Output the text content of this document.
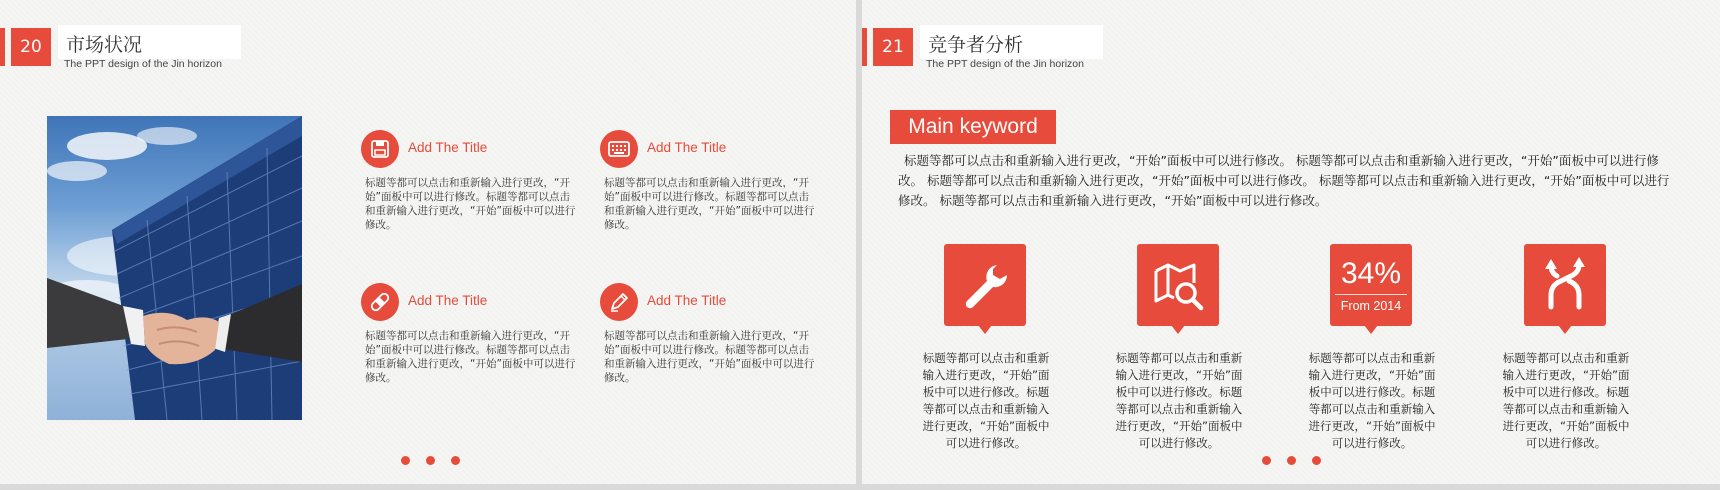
20	市场状况
The PPT design of the Jin horizon
Add The Title
标题等都可以点击和重新输入进行更改，“开始”面板中可以进行修改。标题等都可以点击和重新输入进行更改，“开始”面板中可以进行修改。
Add The Title
标题等都可以点击和重新输入进行更改，“开始”面板中可以进行修改。标题等都可以点击和重新输入进行更改，“开始”面板中可以进行修改。
Add The Title
标题等都可以点击和重新输入进行更改，“开始”面板中可以进行修改。标题等都可以点击和重新输入进行更改，“开始”面板中可以进行修改。
Add The Title
标题等都可以点击和重新输入进行更改，“开始”面板中可以进行修改。标题等都可以点击和重新输入进行更改，“开始”面板中可以进行修改。
21	竞争者分析
The PPT design of the Jin horizon
Main keyword
标题等都可以点击和重新输入进行更改，“开始”面板中可以进行修改。 标题等都可以点击和重新输入进行更改，“开始”面板中可以进行修改。 标题等都可以点击和重新输入进行更改，“开始”面板中可以进行修改。 标题等都可以点击和重新输入进行更改，“开始”面板中可以进行修改。 标题等都可以点击和重新输入进行更改，“开始”面板中可以进行修改。
标题等都可以点击和重新输入进行更改，“开始”面板中可以进行修改。标题等都可以点击和重新输入进行更改，“开始”面板中可以进行修改。
标题等都可以点击和重新输入进行更改，“开始”面板中可以进行修改。标题等都可以点击和重新输入进行更改，“开始”面板中可以进行修改。
34%
From 2014
标题等都可以点击和重新输入进行更改，“开始”面板中可以进行修改。标题等都可以点击和重新输入进行更改，“开始”面板中可以进行修改。
标题等都可以点击和重新输入进行更改，“开始”面板中可以进行修改。标题等都可以点击和重新输入进行更改，“开始”面板中可以进行修改。
